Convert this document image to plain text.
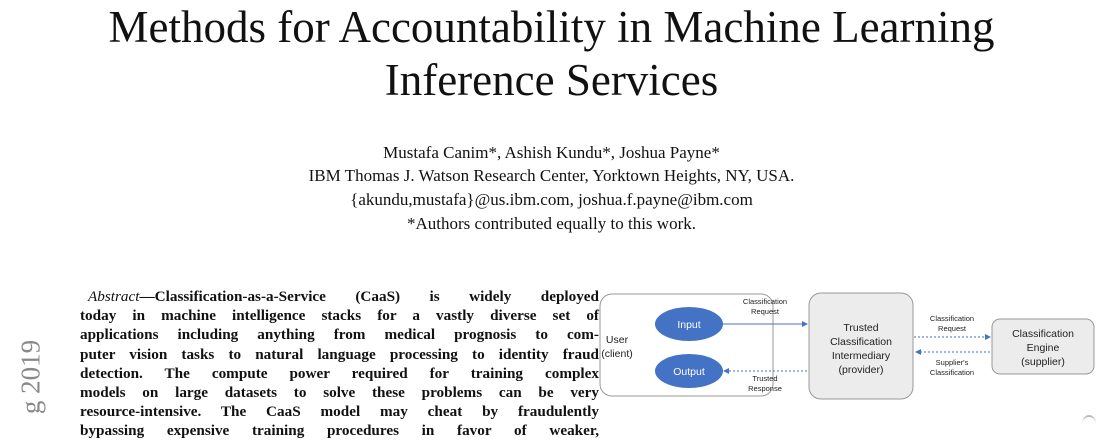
Methods for Accountability in Machine Learning
Inference Services
Mustafa Canim*, Ashish Kundu*, Joshua Payne*
IBM Thomas J. Watson Research Center, Yorktown Heights, NY, USA.
{akundu,mustafa}@us.ibm.com, joshua.f.payne@ibm.com
*Authors contributed equally to this work.
g 2019
Abstract—Classification-as-a-Service (CaaS) is widely deployed
today in machine intelligence stacks for a vastly diverse set of
applications including anything from medical prognosis to com-
puter vision tasks to natural language processing to identity fraud
detection. The compute power required for training complex
models on large datasets to solve these problems can be very
resource-intensive. The CaaS model may cheat by fraudulently
bypassing expensive training procedures in favor of weaker,
User
(client)
Input
Output
Classification
Request
Trusted
Response
Trusted
Classification
Intermediary
(provider)
Classification
Request
Supplier's
Classification
Classification
Engine
(supplier)
